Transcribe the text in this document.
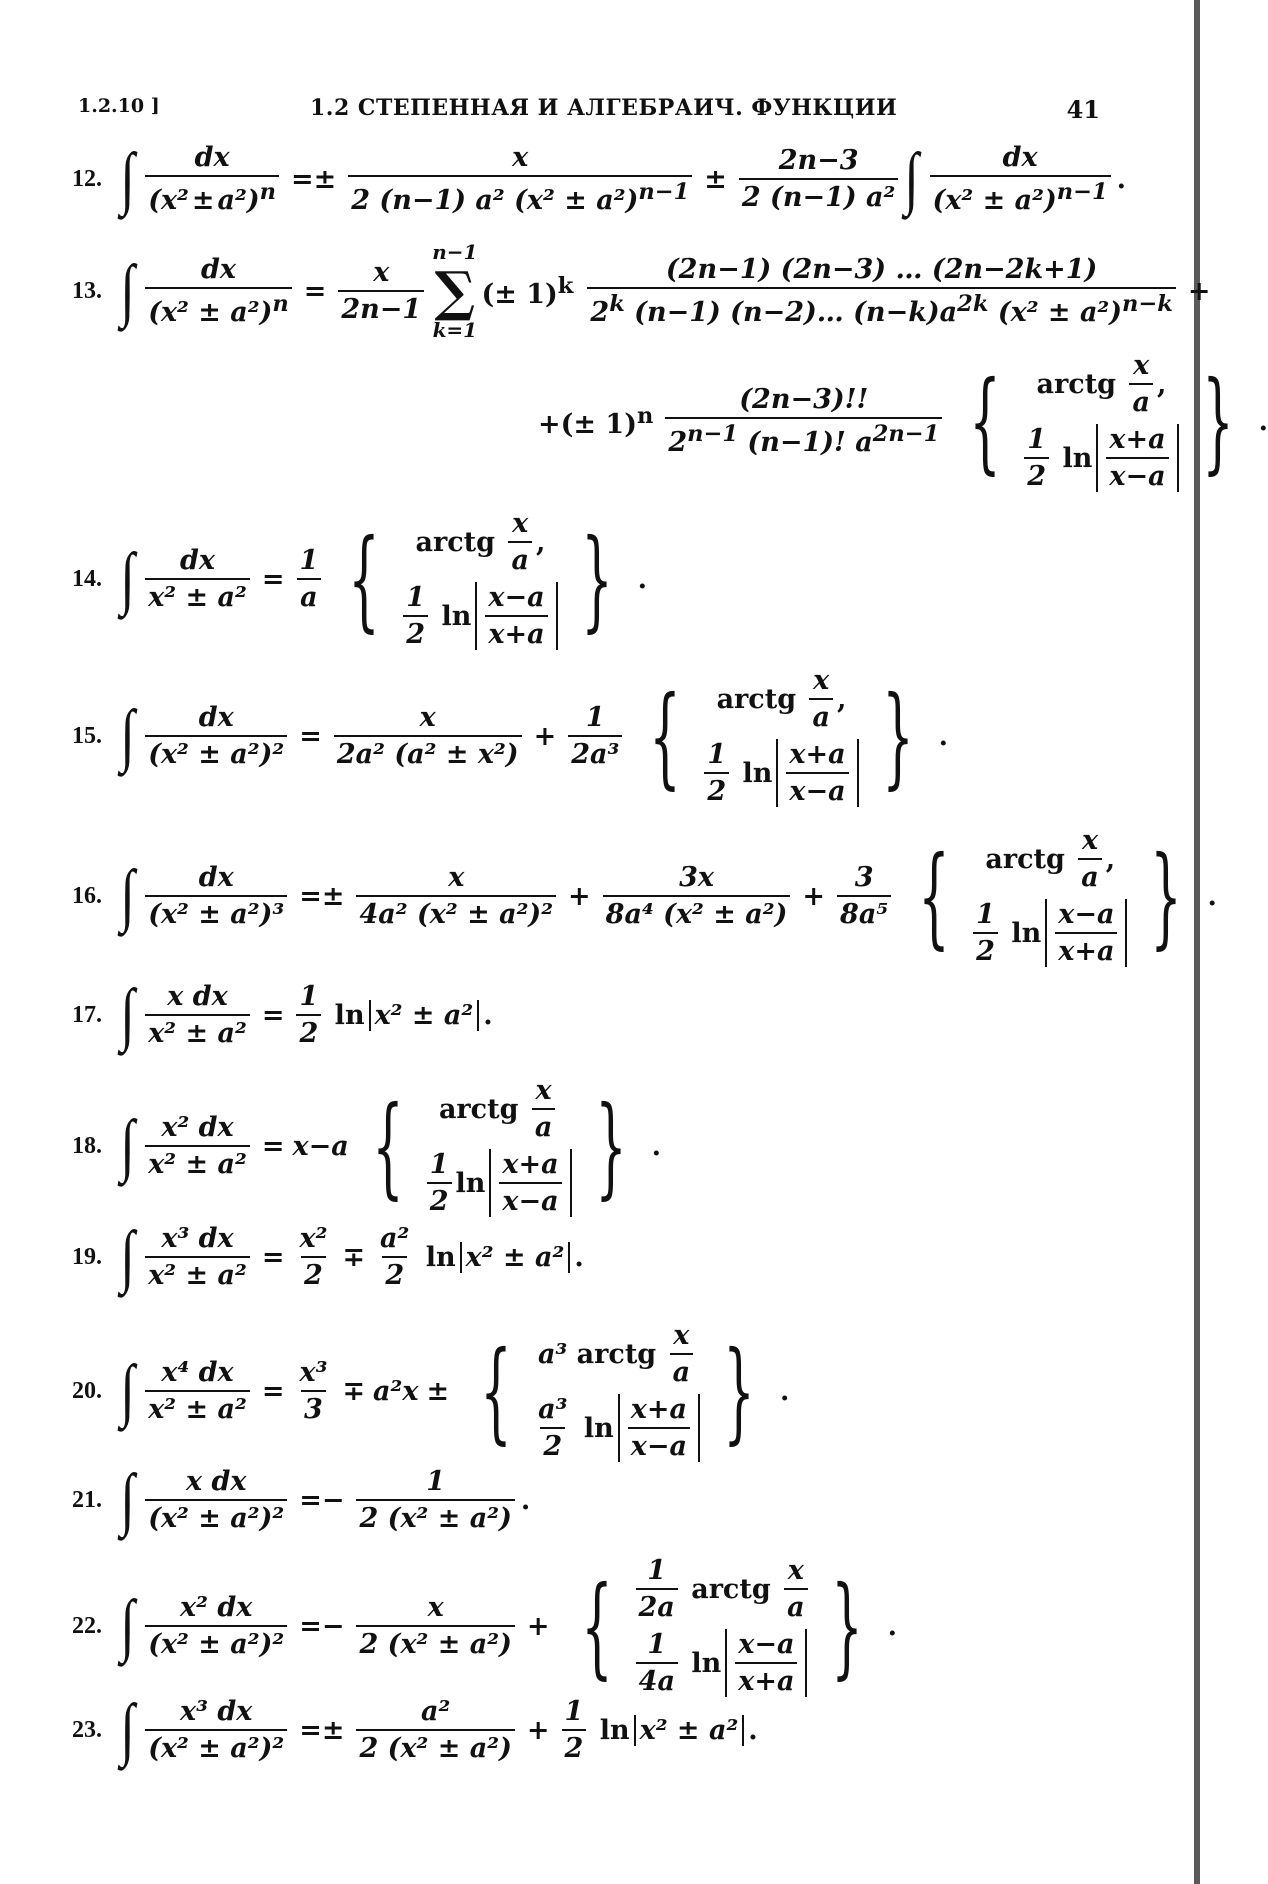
1.2.10 ]	1.2 СТЕПЕННАЯ И АЛГЕБРАИЧ. ФУНКЦИИ	41
12. ∫ $\frac{dx}{(x^2 \pm a^2)^n} =\pm \frac{x}{2 (n-1) a^2 (x^2 \pm a^2)^{n-1}} \pm \frac{2n-3}{\text{2 (n−1) a²}}$ ∫ $\frac{dx}{(x^2 \pm a^2)^{n-1}}$ .
13. ∫ $\frac{dx}{(x^2 \pm a^2)^n} = \frac{x}{2n-1}$
n−1
∑
k=1
(± $1)^k \frac{(2n-1) (2n-3) \dots (2n-2k+1)}{2^k (n-1) (n-2)\dots (n-k)a^{2k} (x^2 \pm a^2)^{n-k}}$ +
+(± $1)^n \frac{(2n-3)!!}{2^{n-1} (n-1)! a^{2n-1}}$ {	arctg $\frac{x}{a}$ ,
$\frac{1}{2}$ $\ln \frac{x+a}{x-a}$ } .
14. ∫ $\frac{dx}{\text{x² ± a²}} = \frac{1}{a}$ {	arctg $\frac{x}{a}$ ,
$\frac{1}{2}$ $\ln \frac{x-a}{x+a}$ } .
15. ∫ $\frac{dx}{\text{(x² ± a²)²}} = \frac{x}{\text{2a² (a² ± x²)}} + \frac{1}{\text{2a³}}$ {	arctg $\frac{x}{a}$ ,
$\frac{1}{2}$ $\ln \frac{x+a}{x-a}$ } .
16. ∫ $\frac{dx}{\text{(x² ± a²)³}} =\pm \frac{x}{\text{4a² (x² ± a²)²}} + \frac{3x}{\text{8a⁴ (x² ± a²)}} + \frac{3}{\text{8a⁵}}$ {	arctg $\frac{x}{a}$ ,
$\frac{1}{2}$ $\ln \frac{x-a}{x+a}$ } .
17. ∫ $\frac{\text{x dx}}{\text{x² ± a²}} = \frac{1}{2}$ ln x² ± a² .
18. ∫ $\frac{\text{x² dx}}{\text{x² ± a²}} = x-a$ {	arctg $\frac{x}{a}$
$\frac{1}{2}$ $\ln \frac{x+a}{x-a}$ } .
19. ∫ $\frac{\text{x³ dx}}{\text{x² ± a²}} = \frac{\text{x²}}{2} \mp \frac{\text{a²}}{2}$ ln x² ± a² .
20. ∫ $\frac{\text{x⁴ dx}}{\text{x² ± a²}} = \frac{\text{x³}}{3} \mp a^2x$ ± { a³ arctg $\frac{x}{a}$
$\frac{\text{a³}}{2}$ $\ln \frac{x+a}{x-a}$ } .
21. ∫ $\frac{\text{x dx}}{\text{(x² ± a²)²}} =- \frac{1}{\text{2 (x² ± a²)}}$ .
22. ∫ $\frac{\text{x² dx}}{\text{(x² ± a²)²}} =- \frac{x}{\text{2 (x² ± a²)}}$ + { $\frac{1}{2a}$ arctg $\frac{x}{a}$
$\frac{1}{4a}$ $\ln \frac{x-a}{x+a}$ } .
23. ∫ $\frac{\text{x³ dx}}{\text{(x² ± a²)²}} =\pm \frac{\text{a²}}{\text{2 (x² ± a²)}} + \frac{1}{2}$ ln x² ± a² .
